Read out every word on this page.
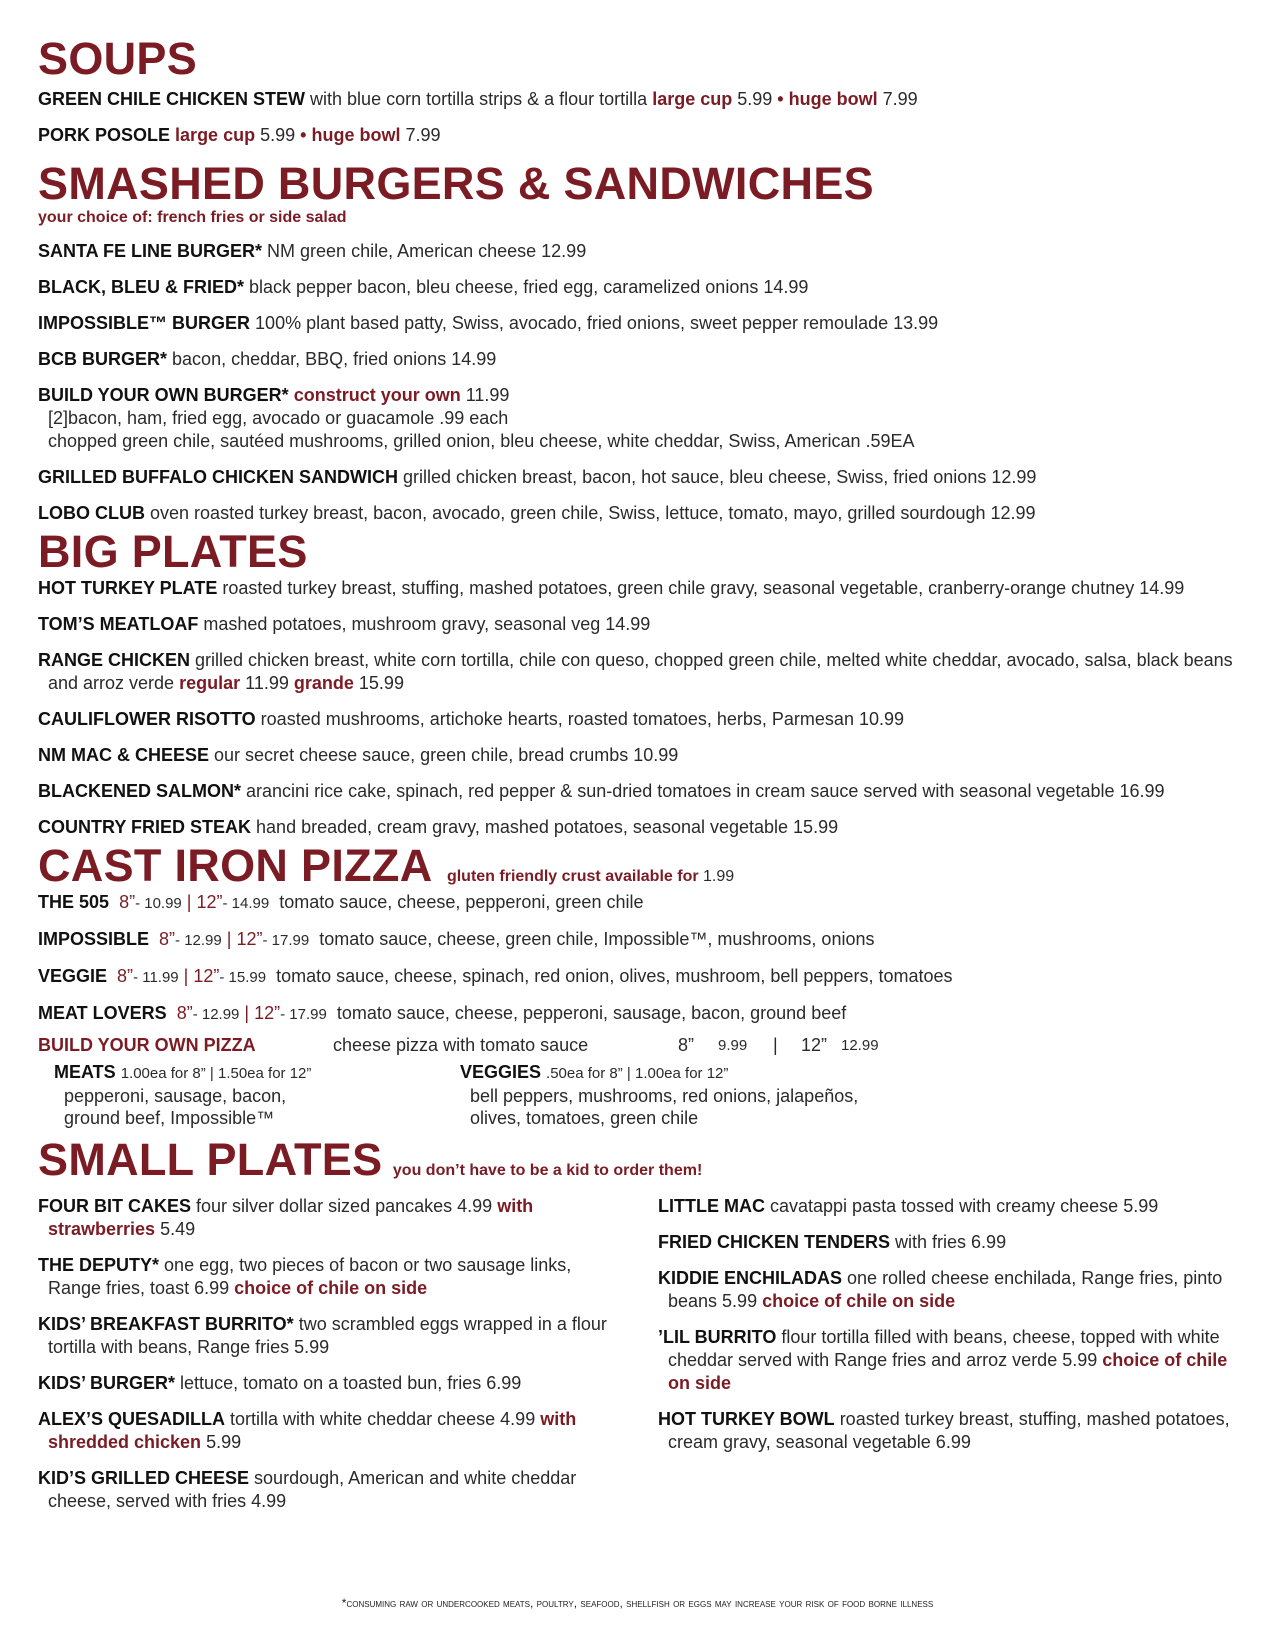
SOUPS
GREEN CHILE CHICKEN STEW with blue corn tortilla strips & a flour tortilla large cup 5.99 • huge bowl 7.99
PORK POSOLE large cup 5.99 • huge bowl 7.99
SMASHED BURGERS & SANDWICHES
your choice of: french fries or side salad
SANTA FE LINE BURGER* NM green chile, American cheese 12.99
BLACK, BLEU & FRIED* black pepper bacon, bleu cheese, fried egg, caramelized onions 14.99
IMPOSSIBLE™ BURGER 100% plant based patty, Swiss, avocado, fried onions, sweet pepper remoulade 13.99
BCB BURGER* bacon, cheddar, BBQ, fried onions 14.99
BUILD YOUR OWN BURGER* construct your own 11.99
[2]bacon, ham, fried egg, avocado or guacamole .99 each
chopped green chile, sautéed mushrooms, grilled onion, bleu cheese, white cheddar, Swiss, American .59EA
GRILLED BUFFALO CHICKEN SANDWICH grilled chicken breast, bacon, hot sauce, bleu cheese, Swiss, fried onions 12.99
LOBO CLUB oven roasted turkey breast, bacon, avocado, green chile, Swiss, lettuce, tomato, mayo, grilled sourdough 12.99
BIG PLATES
HOT TURKEY PLATE roasted turkey breast, stuffing, mashed potatoes, green chile gravy, seasonal vegetable, cranberry-orange chutney 14.99
TOM’S MEATLOAF mashed potatoes, mushroom gravy, seasonal veg 14.99
RANGE CHICKEN grilled chicken breast, white corn tortilla, chile con queso, chopped green chile, melted white cheddar, avocado, salsa, black beans and arroz verde regular 11.99 grande 15.99
CAULIFLOWER RISOTTO roasted mushrooms, artichoke hearts, roasted tomatoes, herbs, Parmesan 10.99
NM MAC & CHEESE our secret cheese sauce, green chile, bread crumbs 10.99
BLACKENED SALMON* arancini rice cake, spinach, red pepper & sun-dried tomatoes in cream sauce served with seasonal vegetable 16.99
COUNTRY FRIED STEAK hand breaded, cream gravy, mashed potatoes, seasonal vegetable 15.99
CAST IRON PIZZA gluten friendly crust available for 1.99
THE 505 8”- 10.99 | 12”- 14.99 tomato sauce, cheese, pepperoni, green chile
IMPOSSIBLE 8”- 12.99 | 12”- 17.99 tomato sauce, cheese, green chile, Impossible™, mushrooms, onions
VEGGIE 8”- 11.99 | 12”- 15.99 tomato sauce, cheese, spinach, red onion, olives, mushroom, bell peppers, tomatoes
MEAT LOVERS 8”- 12.99 | 12”- 17.99 tomato sauce, cheese, pepperoni, sausage, bacon, ground beef
BUILD YOUR OWN PIZZA	cheese pizza with tomato sauce	8”	9.99	|	12” 12.99
MEATS 1.00ea for 8” | 1.50ea for 12”
pepperoni, sausage, bacon,
ground beef, Impossible™
VEGGIES .50ea for 8” | 1.00ea for 12”
bell peppers, mushrooms, red onions, jalapeños,
olives, tomatoes, green chile
SMALL PLATES you don’t have to be a kid to order them!
FOUR BIT CAKES four silver dollar sized pancakes 4.99 with strawberries 5.49
THE DEPUTY* one egg, two pieces of bacon or two sausage links, Range fries, toast 6.99 choice of chile on side
KIDS’ BREAKFAST BURRITO* two scrambled eggs wrapped in a flour tortilla with beans, Range fries 5.99
KIDS’ BURGER* lettuce, tomato on a toasted bun, fries 6.99
ALEX’S QUESADILLA tortilla with white cheddar cheese 4.99 with shredded chicken 5.99
KID’S GRILLED CHEESE sourdough, American and white cheddar cheese, served with fries 4.99
LITTLE MAC cavatappi pasta tossed with creamy cheese 5.99
FRIED CHICKEN TENDERS with fries 6.99
KIDDIE ENCHILADAS one rolled cheese enchilada, Range fries, pinto beans 5.99 choice of chile on side
’LIL BURRITO flour tortilla filled with beans, cheese, topped with white cheddar served with Range fries and arroz verde 5.99 choice of chile on side
HOT TURKEY BOWL roasted turkey breast, stuffing, mashed potatoes, cream gravy, seasonal vegetable 6.99
*consuming raw or undercooked meats, poultry, seafood, shellfish or eggs may increase your risk of food borne illness
